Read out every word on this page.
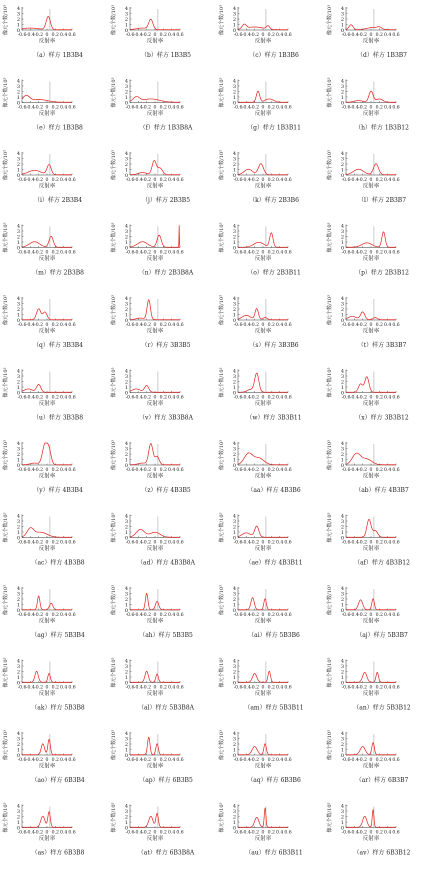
像元个数/10³ 0
1
2
3
4
-0.6 -0.4 -0.2 0 0.2 0.4 0.6
反射率
（a）样方 1B3B4
像元个数/10³ 0
1
2
3
4
-0.6 -0.4 -0.2 0 0.2 0.4 0.6
反射率
（b）样方 1B3B5
像元个数/10³ 0
1
2
3
4
-0.6 -0.4 -0.2 0 0.2 0.4 0.6
反射率
（c）样方 1B3B6
像元个数/10³ 0
1
2
3
4
-0.6 -0.4 -0.2 0 0.2 0.4 0.6
反射率
（d）样方 1B3B7
像元个数/10³ 0
1
2
3
4
-0.6 -0.4 -0.2 0 0.2 0.4 0.6
反射率
（e）样方 1B3B8
像元个数/10³ 0
1
2
3
4
-0.6 -0.4 -0.2 0 0.2 0.4 0.6
反射率
（f）样方 1B3B8A
像元个数/10³ 0
1
2
3
4
-0.6 -0.4 -0.2 0 0.2 0.4 0.6
反射率
（g）样方 1B3B11
像元个数/10³ 0
1
2
3
4
-0.6 -0.4 -0.2 0 0.2 0.4 0.6
反射率
（h）样方 1B3B12
像元个数/10³ 0
1
2
3
4
-0.6 -0.4 -0.2 0 0.2 0.4 0.6
反射率
（i）样方 2B3B4
像元个数/10³ 0
1
2
3
4
-0.6 -0.4 -0.2 0 0.2 0.4 0.6
反射率
（j）样方 2B3B5
像元个数/10³ 0
1
2
3
4
-0.6 -0.4 -0.2 0 0.2 0.4 0.6
反射率
（k）样方 2B3B6
像元个数/10³ 0
1
2
3
4
-0.6 -0.4 -0.2 0 0.2 0.4 0.6
反射率
（l）样方 2B3B7
像元个数/10³ 0
1
2
3
4
-0.6 -0.4 -0.2 0 0.2 0.4 0.6
反射率
（m）样方 2B3B8
像元个数/10³ 0
1
2
3
4
-0.6 -0.4 -0.2 0 0.2 0.4 0.6
反射率
（n）样方 2B3B8A
像元个数/10³ 0
1
2
3
4
-0.6 -0.4 -0.2 0 0.2 0.4 0.6
反射率
（o）样方 2B3B11
像元个数/10³ 0
1
2
3
4
-0.6 -0.4 -0.2 0 0.2 0.4 0.6
反射率
（p）样方 2B3B12
像元个数/10³ 0
1
2
3
4
-0.6 -0.4 -0.2 0 0.2 0.4 0.6
反射率
（q）样方 3B3B4
像元个数/10³ 0
1
2
3
4
-0.6 -0.4 -0.2 0 0.2 0.4 0.6
反射率
（r）样方 3B3B5
像元个数/10³ 0
1
2
3
4
-0.6 -0.4 -0.2 0 0.2 0.4 0.6
反射率
（s）样方 3B3B6
像元个数/10³ 0
1
2
3
4
-0.6 -0.4 -0.2 0 0.2 0.4 0.6
反射率
（t）样方 3B3B7
像元个数/10³ 0
1
2
3
4
-0.6 -0.4 -0.2 0 0.2 0.4 0.6
反射率
（u）样方 3B3B8
像元个数/10³ 0
1
2
3
4
-0.6 -0.4 -0.2 0 0.2 0.4 0.6
反射率
（v）样方 3B3B8A
像元个数/10³ 0
1
2
3
4
-0.6 -0.4 -0.2 0 0.2 0.4 0.6
反射率
（w）样方 3B3B11
像元个数/10³ 0
1
2
3
4
-0.6 -0.4 -0.2 0 0.2 0.4 0.6
反射率
（x）样方 3B3B12
像元个数/10³ 0
1
2
3
4
-0.6 -0.4 -0.2 0 0.2 0.4 0.6
反射率
（y）样方 4B3B4
像元个数/10³ 0
1
2
3
4
-0.6 -0.4 -0.2 0 0.2 0.4 0.6
反射率
（z）样方 4B3B5
像元个数/10³ 0
1
2
3
4
-0.6 -0.4 -0.2 0 0.2 0.4 0.6
反射率
（aa）样方 4B3B6
像元个数/10³ 0
1
2
3
4
-0.6 -0.4 -0.2 0 0.2 0.4 0.6
反射率
（ab）样方 4B3B7
像元个数/10³ 0
1
2
3
4
-0.6 -0.4 -0.2 0 0.2 0.4 0.6
反射率
（ac）样方 4B3B8
像元个数/10³ 0
1
2
3
4
-0.6 -0.4 -0.2 0 0.2 0.4 0.6
反射率
（ad）样方 4B3B8A
像元个数/10³ 0
1
2
3
4
-0.6 -0.4 -0.2 0 0.2 0.4 0.6
反射率
（ae）样方 4B3B11
像元个数/10³ 0
1
2
3
4
-0.6 -0.4 -0.2 0 0.2 0.4 0.6
反射率
（af）样方 4B3B12
像元个数/10³ 0
1
2
3
4
-0.6 -0.4 -0.2 0 0.2 0.4 0.6
反射率
（ag）样方 5B3B4
像元个数/10³ 0
1
2
3
4
-0.6 -0.4 -0.2 0 0.2 0.4 0.6
反射率
（ah）样方 5B3B5
像元个数/10³ 0
1
2
3
4
-0.6 -0.4 -0.2 0 0.2 0.4 0.6
反射率
（ai）样方 5B3B6
像元个数/10³ 0
1
2
3
4
-0.6 -0.4 -0.2 0 0.2 0.4 0.6
反射率
（aj）样方 5B3B7
像元个数/10³ 0
1
2
3
4
-0.6 -0.4 -0.2 0 0.2 0.4 0.6
反射率
（ak）样方 5B3B8
像元个数/10³ 0
1
2
3
4
-0.6 -0.4 -0.2 0 0.2 0.4 0.6
反射率
（al）样方 5B3B8A
像元个数/10³ 0
1
2
3
4
-0.6 -0.4 -0.2 0 0.2 0.4 0.6
反射率
（am）样方 5B3B11
像元个数/10³ 0
1
2
3
4
-0.6 -0.4 -0.2 0 0.2 0.4 0.6
反射率
（an）样方 5B3B12
像元个数/10³ 0
1
2
3
4
-0.6 -0.4 -0.2 0 0.2 0.4 0.6
反射率
（ao）样方 6B3B4
像元个数/10³ 0
1
2
3
4
-0.6 -0.4 -0.2 0 0.2 0.4 0.6
反射率
（ap）样方 6B3B5
像元个数/10³ 0
1
2
3
4
-0.6 -0.4 -0.2 0 0.2 0.4 0.6
反射率
（aq）样方 6B3B6
像元个数/10³ 0
1
2
3
4
-0.6 -0.4 -0.2 0 0.2 0.4 0.6
反射率
（ar）样方 6B3B7
像元个数/10³ 0
1
2
3
4
-0.6 -0.4 -0.2 0 0.2 0.4 0.6
反射率
（as）样方 6B3B8
像元个数/10³ 0
1
2
3
4
-0.6 -0.4 -0.2 0 0.2 0.4 0.6
反射率
（at）样方 6B3B8A
像元个数/10³ 0
1
2
3
4
-0.6 -0.4 -0.2 0 0.2 0.4 0.6
反射率
（au）样方 6B3B11
像元个数/10³ 0
1
2
3
4
-0.6 -0.4 -0.2 0 0.2 0.4 0.6
反射率
（av）样方 6B3B12
